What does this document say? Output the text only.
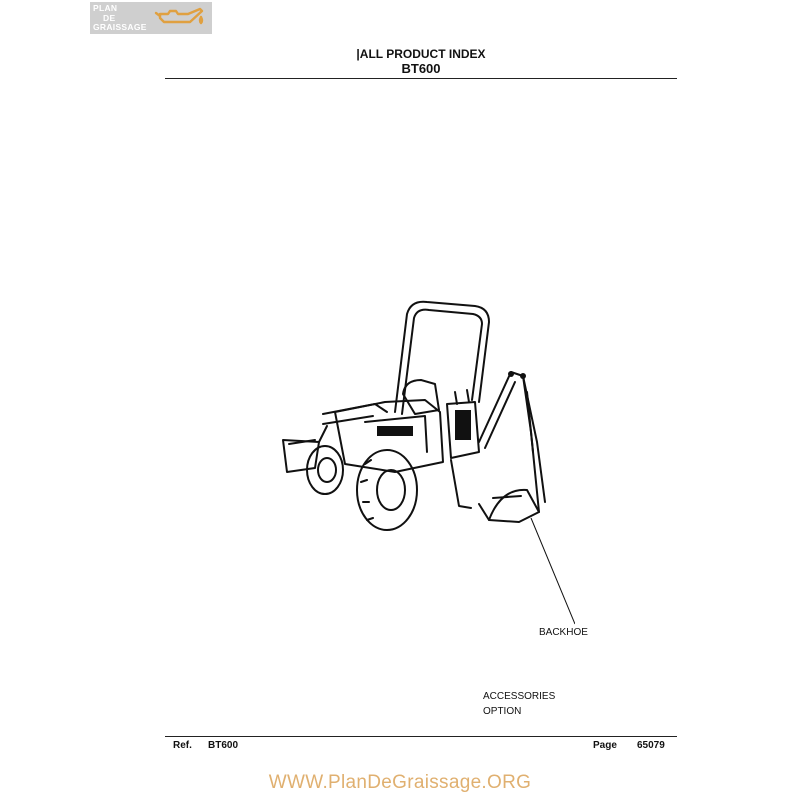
PLAN
DE
GRAISSAGE
|ALL PRODUCT INDEX
BT600
BACKHOE
ACCESSORIES
OPTION
Ref. BT600	Page 65079
WWW.PlanDeGraissage.ORG
